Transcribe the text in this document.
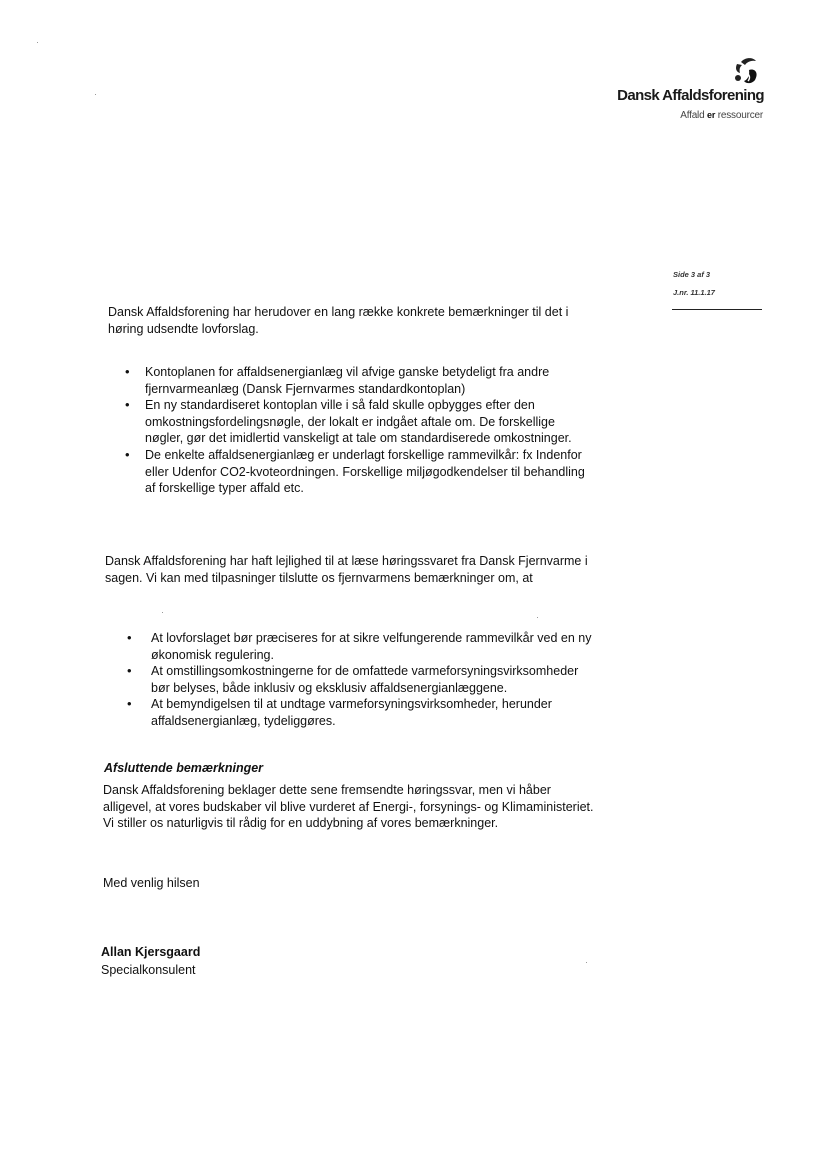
Dansk Affaldsforening
Affald er ressourcer
Side 3 af 3
J.nr. 11.1.17
Dansk Affaldsforening har herudover en lang række konkrete bemærkninger til det i høring udsendte lovforslag.
• Kontoplanen for affaldsenergianlæg vil afvige ganske betydeligt fra andre fjernvarmeanlæg (Dansk Fjernvarmes standardkontoplan)
• En ny standardiseret kontoplan ville i så fald skulle opbygges efter den omkostningsfordelingsnøgle, der lokalt er indgået aftale om. De forskellige nøgler, gør det imidlertid vanskeligt at tale om standardiserede omkostninger.
• De enkelte affaldsenergianlæg er underlagt forskellige rammevilkår: fx Indenfor eller Udenfor CO2-kvoteordningen. Forskellige miljøgodkendelser til behandling af forskellige typer affald etc.
Dansk Affaldsforening har haft lejlighed til at læse høringssvaret fra Dansk Fjernvarme i sagen. Vi kan med tilpasninger tilslutte os fjernvarmens bemærkninger om, at
• At lovforslaget bør præciseres for at sikre velfungerende rammevilkår ved en ny økonomisk regulering.
• At omstillingsomkostningerne for de omfattede varmeforsyningsvirksomheder bør belyses, både inklusiv og eksklusiv affaldsenergianlæggene.
• At bemyndigelsen til at undtage varmeforsyningsvirksomheder, herunder affaldsenergianlæg, tydeliggøres.
Afsluttende bemærkninger
Dansk Affaldsforening beklager dette sene fremsendte høringssvar, men vi håber alligevel, at vores budskaber vil blive vurderet af Energi-, forsynings- og Klimaministeriet. Vi stiller os naturligvis til rådig for en uddybning af vores bemærkninger.
Med venlig hilsen
Allan Kjersgaard
Specialkonsulent
